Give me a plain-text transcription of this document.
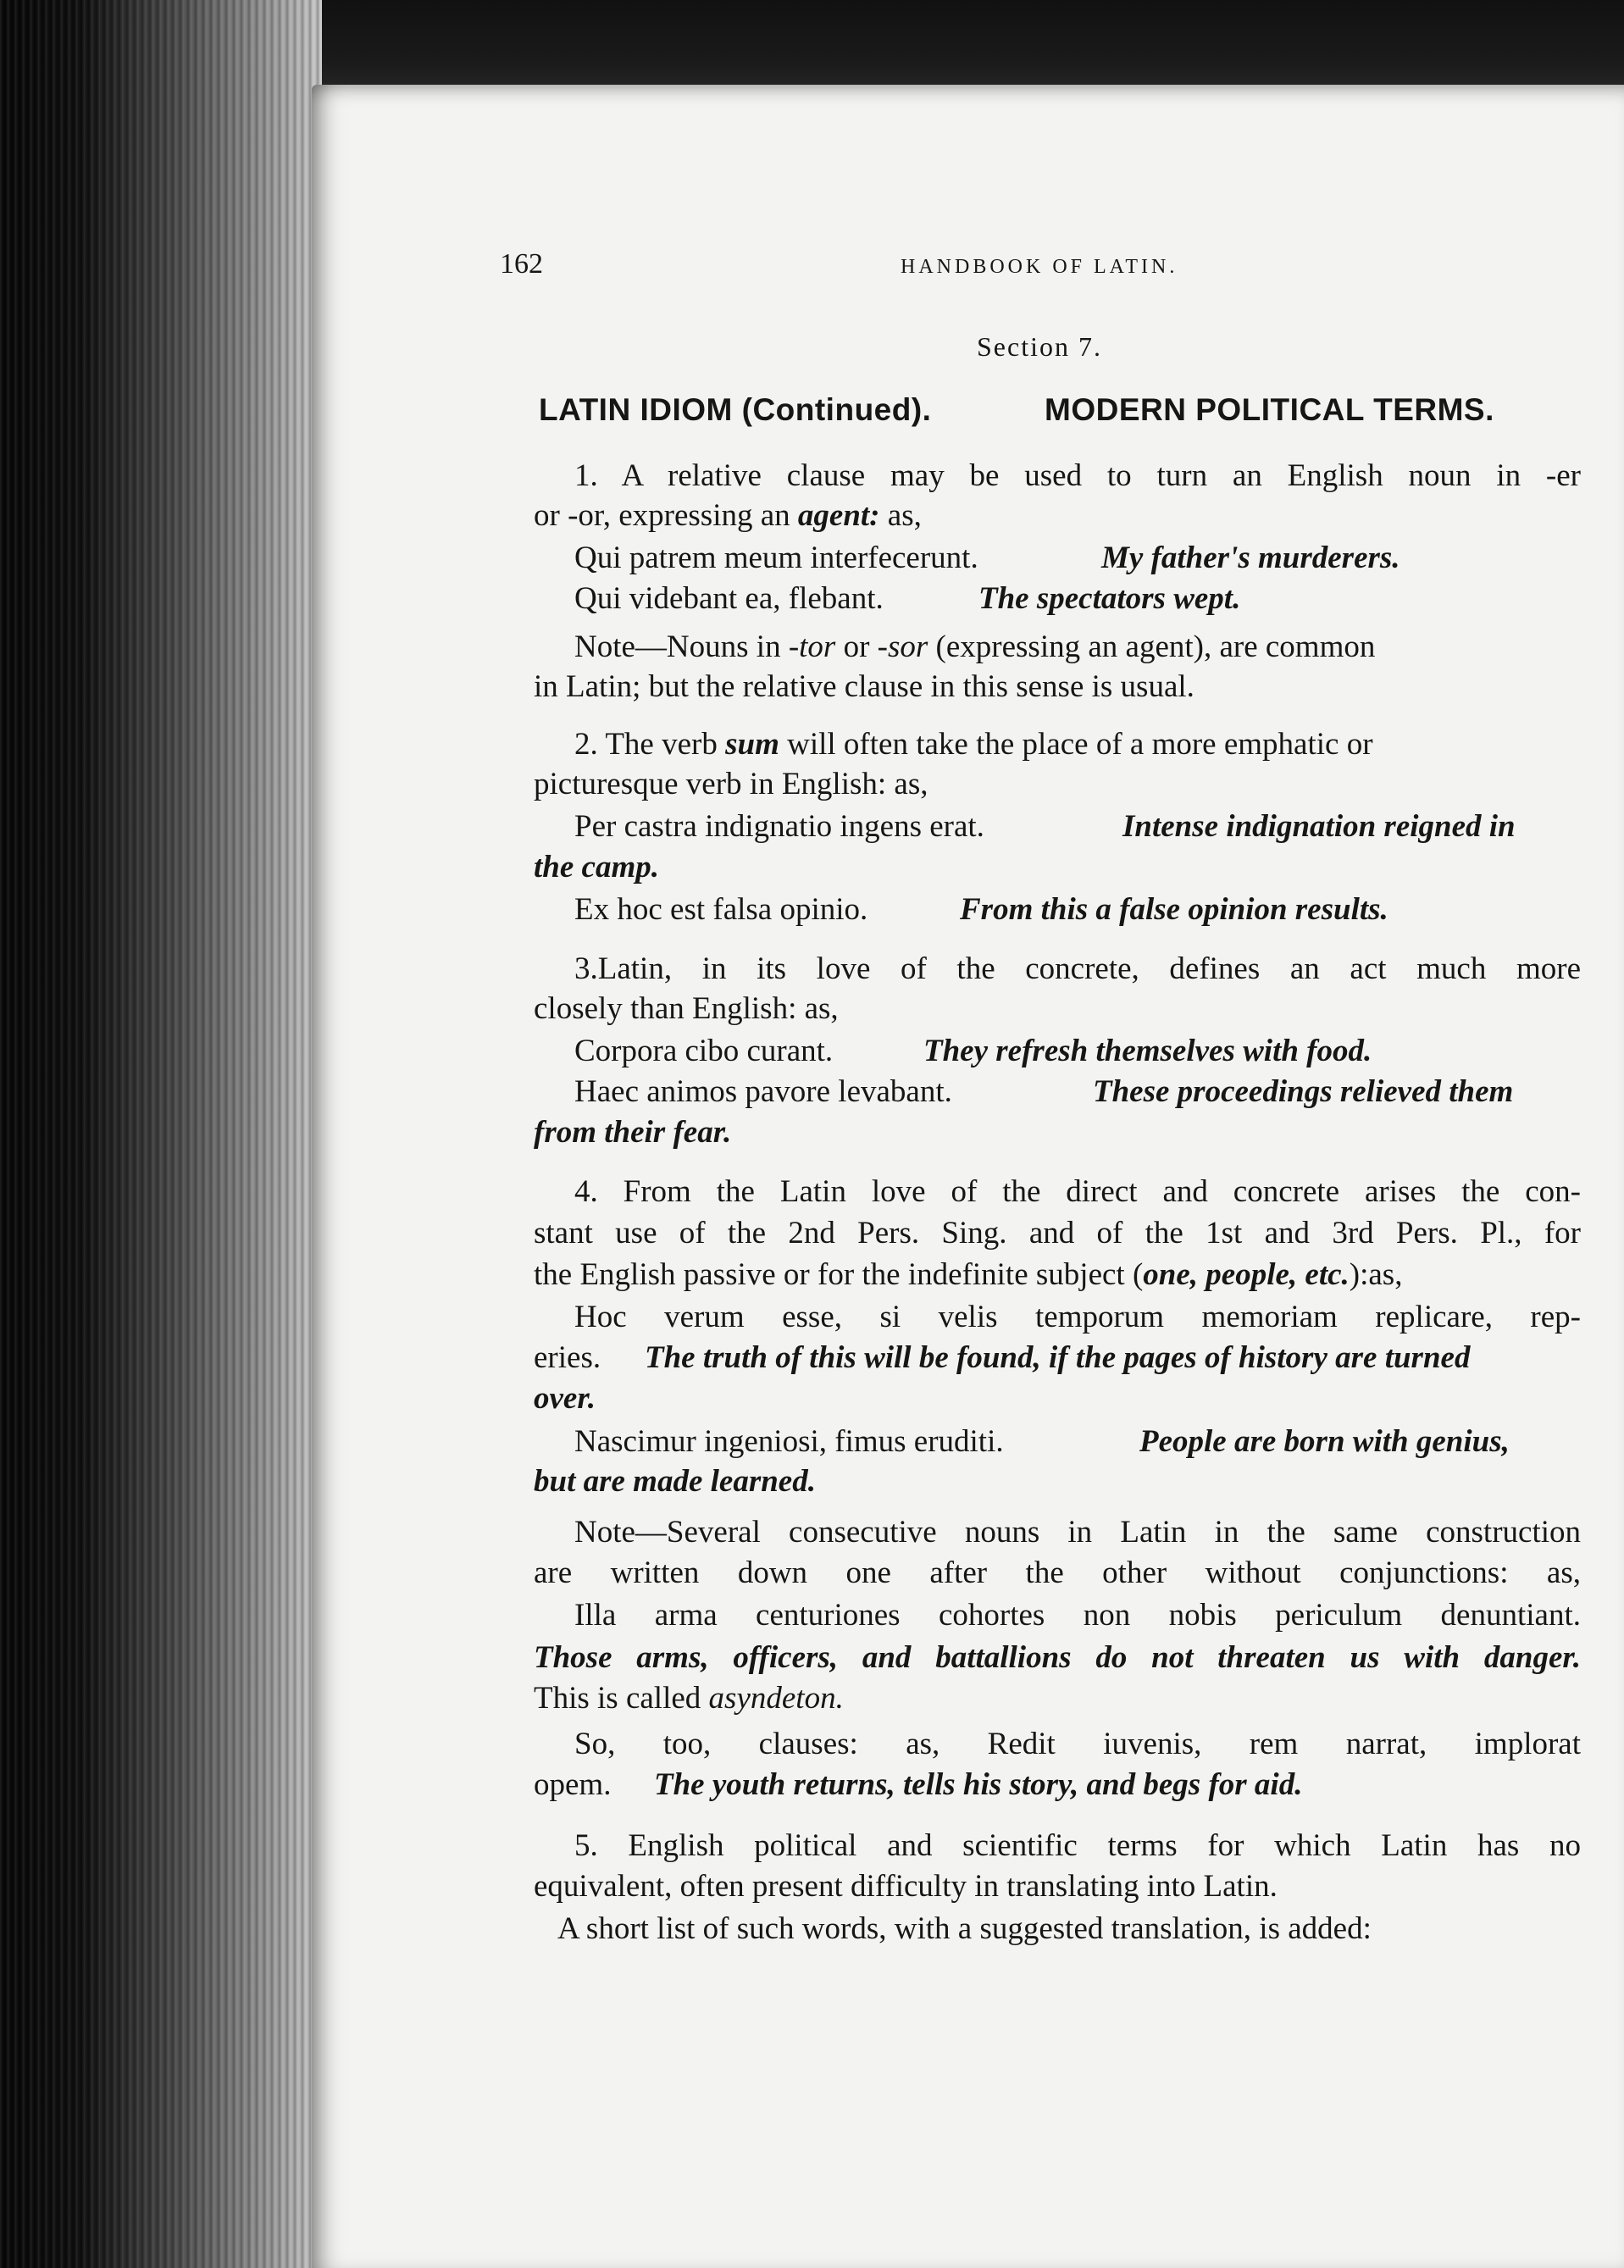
162	HANDBOOK OF LATIN.
Section 7.
LATIN IDIOM (Continued).	MODERN POLITICAL TERMS.
1. A relative clause may be used to turn an English noun in -er
or -or, expressing an agent: as,
Qui patrem meum interfecerunt.	My father's murderers.
Qui videbant ea, flebant.	The spectators wept.
Note—Nouns in -tor or -sor (expressing an agent), are common
in Latin; but the relative clause in this sense is usual.
2. The verb sum will often take the place of a more emphatic or
picturesque verb in English: as,
Per castra indignatio ingens erat.	Intense indignation reigned in
the camp.
Ex hoc est falsa opinio.	From this a false opinion results.
3.Latin, in its love of the concrete, defines an act much more
closely than English: as,
Corpora cibo curant.	They refresh themselves with food.
Haec animos pavore levabant.	These proceedings relieved them
from their fear.
4. From the Latin love of the direct and concrete arises the con-
stant use of the 2nd Pers. Sing. and of the 1st and 3rd Pers. Pl., for
the English passive or for the indefinite subject (one, people, etc.):as,
Hoc verum esse, si velis temporum memoriam replicare, rep-
eries. The truth of this will be found, if the pages of history are turned
over.
Nascimur ingeniosi, fimus eruditi.	People are born with genius,
but are made learned.
Note—Several consecutive nouns in Latin in the same construction
are written down one after the other without conjunctions: as,
Illa arma centuriones cohortes non nobis periculum denuntiant.
Those arms, officers, and battallions do not threaten us with danger.
This is called asyndeton.
So, too, clauses: as, Redit iuvenis, rem narrat, implorat
opem. The youth returns, tells his story, and begs for aid.
5. English political and scientific terms for which Latin has no
equivalent, often present difficulty in translating into Latin.
A short list of such words, with a suggested translation, is added:
